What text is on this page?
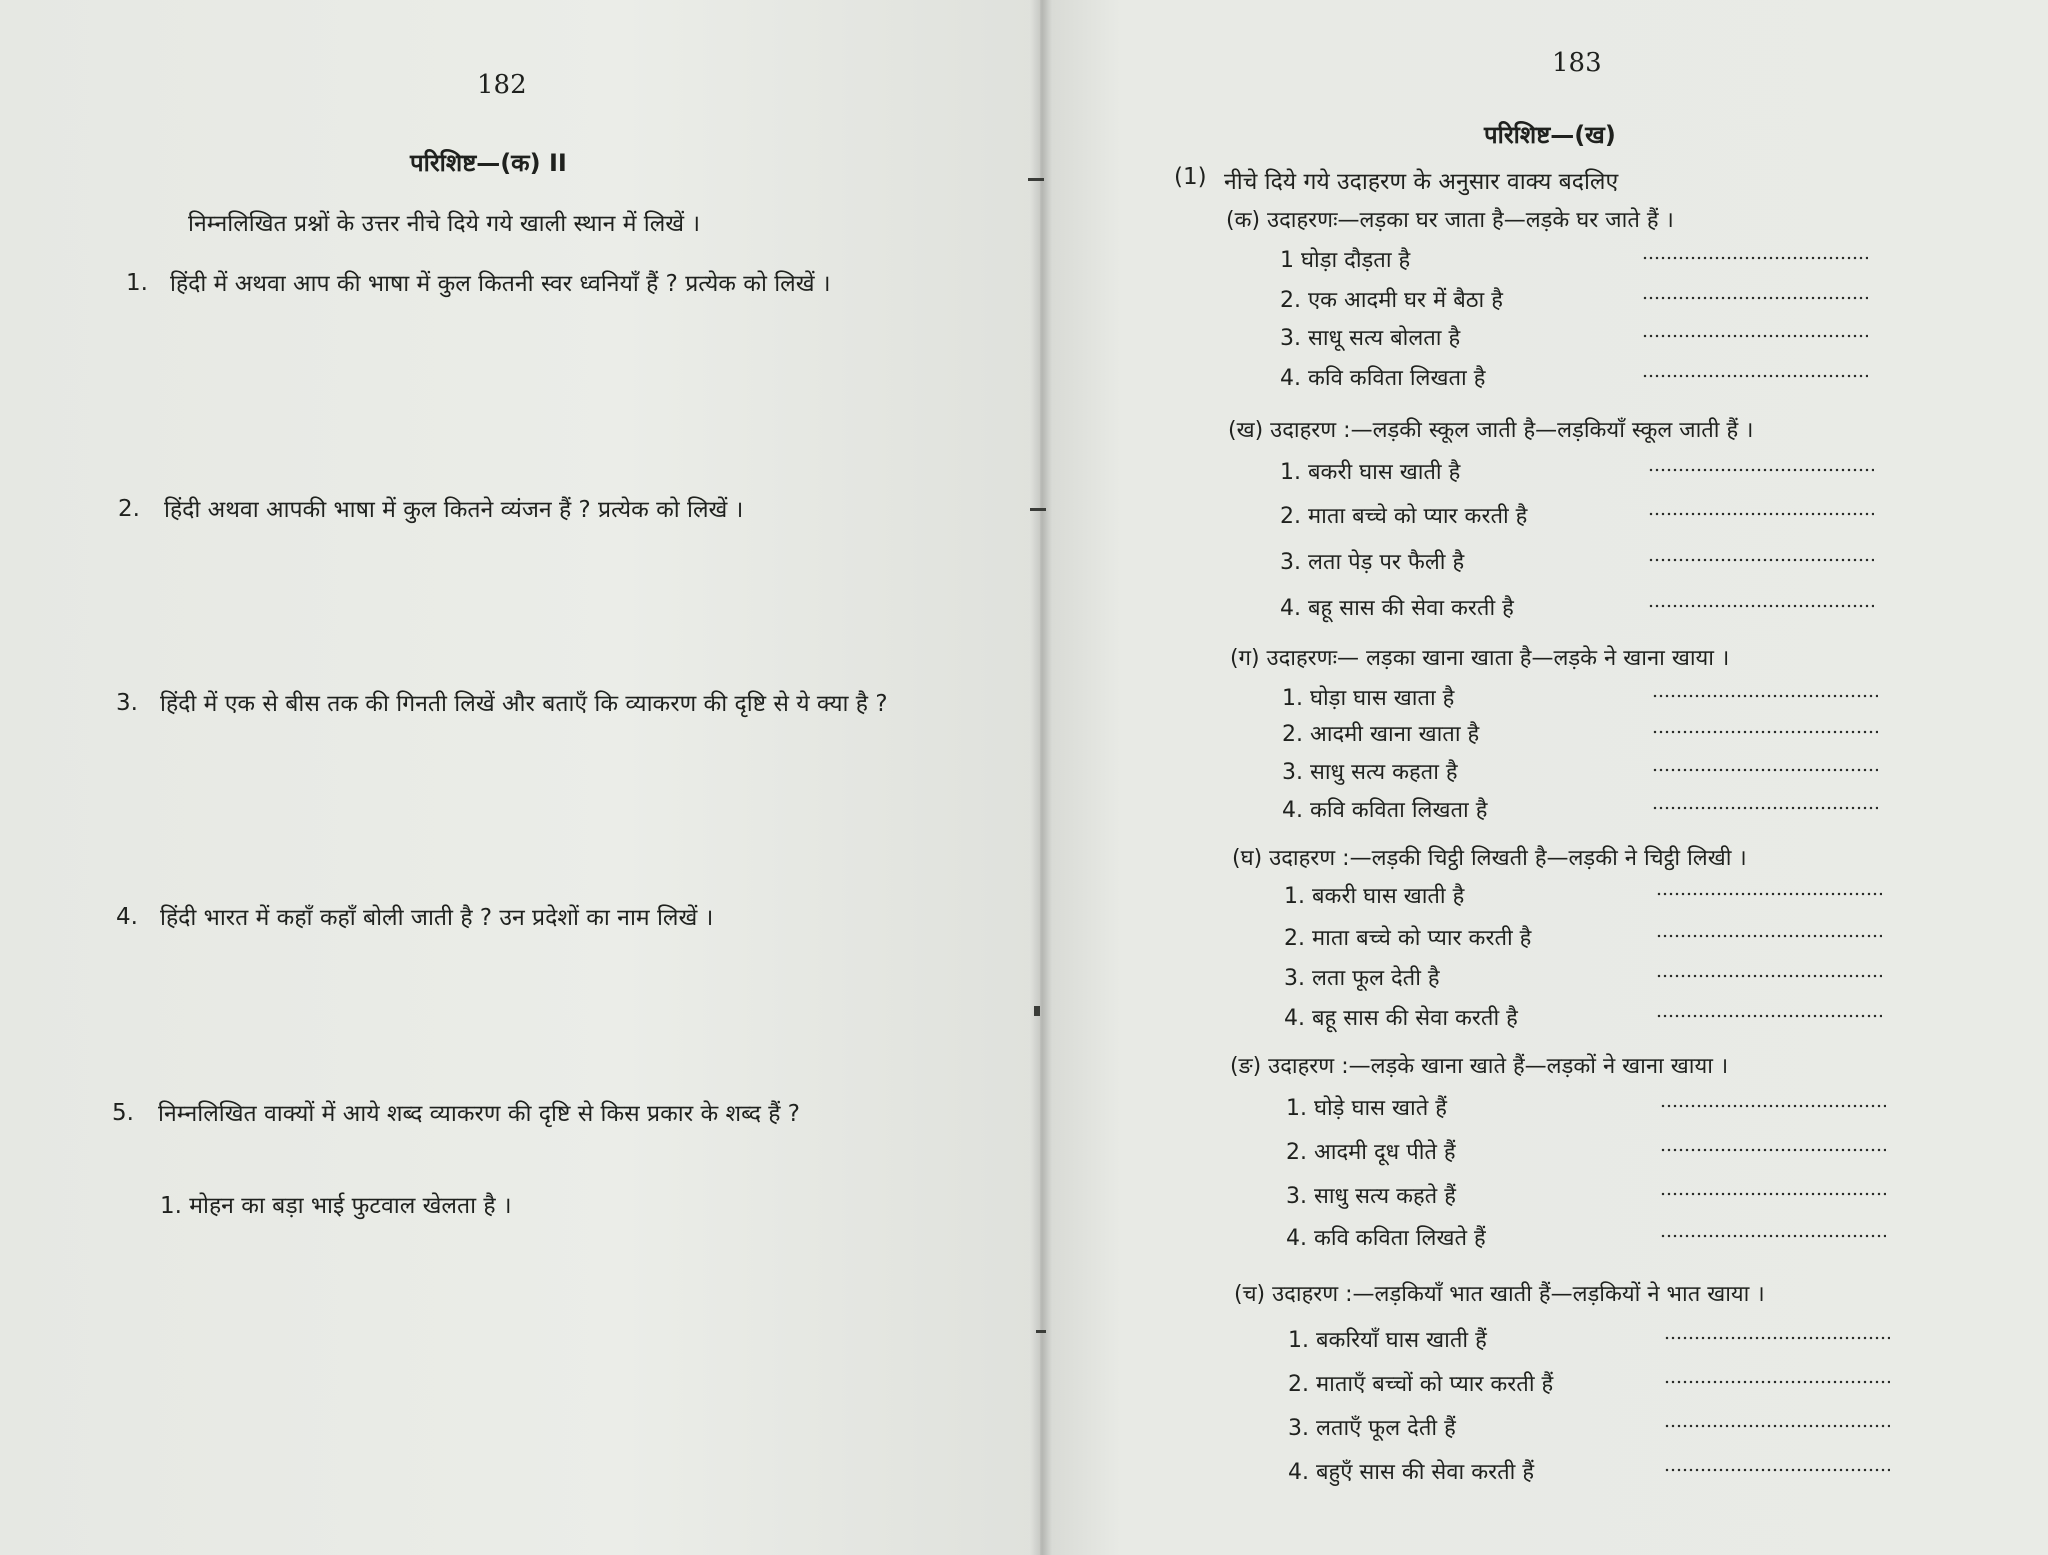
182
परिशिष्ट—(क) II
निम्नलिखित प्रश्नों के उत्तर नीचे दिये गये खाली स्थान में लिखें ।
1. हिंदी में अथवा आप की भाषा में कुल कितनी स्वर ध्वनियाँ हैं ? प्रत्येक को लिखें ।
2. हिंदी अथवा आपकी भाषा में कुल कितने व्यंजन हैं ? प्रत्येक को लिखें ।
3. हिंदी में एक से बीस तक की गिनती लिखें और बताएँ कि व्याकरण की दृष्टि से ये क्या है ?
4. हिंदी भारत में कहाँ कहाँ बोली जाती है ? उन प्रदेशों का नाम लिखें ।
5. निम्नलिखित वाक्यों में आये शब्द व्याकरण की दृष्टि से किस प्रकार के शब्द हैं ?
1. मोहन का बड़ा भाई फुटवाल खेलता है ।
183
परिशिष्ट—(ख)
(1) नीचे दिये गये उदाहरण के अनुसार वाक्य बदलिए
(क) उदाहरणः—लड़का घर जाता है—लड़के घर जाते हैं ।
1 घोड़ा दौड़ता है
2. एक आदमी घर में बैठा है
3. साधू सत्य बोलता है
4. कवि कविता लिखता है
(ख) उदाहरण :—लड़की स्कूल जाती है—लड़कियाँ स्कूल जाती हैं ।
1. बकरी घास खाती है
2. माता बच्चे को प्यार करती है
3. लता पेड़ पर फैली है
4. बहू सास की सेवा करती है
(ग) उदाहरणः— लड़का खाना खाता है—लड़के ने खाना खाया ।
1. घोड़ा घास खाता है
2. आदमी खाना खाता है
3. साधु सत्य कहता है
4. कवि कविता लिखता है
(घ) उदाहरण :—लड़की चिट्ठी लिखती है—लड़की ने चिट्ठी लिखी ।
1. बकरी घास खाती है
2. माता बच्चे को प्यार करती है
3. लता फूल देती है
4. बहू सास की सेवा करती है
(ङ) उदाहरण :—लड़के खाना खाते हैं—लड़कों ने खाना खाया ।
1. घोड़े घास खाते हैं
2. आदमी दूध पीते हैं
3. साधु सत्य कहते हैं
4. कवि कविता लिखते हैं
(च) उदाहरण :—लड़कियाँ भात खाती हैं—लड़कियों ने भात खाया ।
1. बकरियाँ घास खाती हैं
2. माताएँ बच्चों को प्यार करती हैं
3. लताएँ फूल देती हैं
4. बहुएँ सास की सेवा करती हैं
